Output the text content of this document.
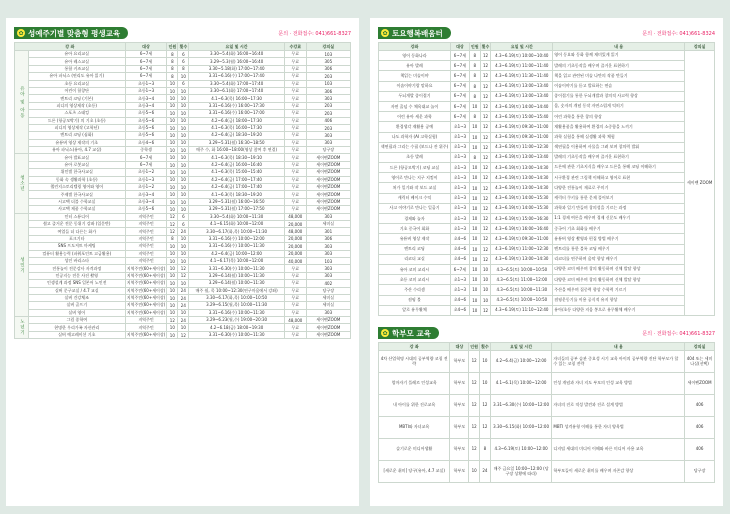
✿ 성예주기별 맞춤형 평생교육	문의 · 전화접수: 041)661-8327
강 좌		대상	인원	횟수	요일 및 시간	수강료	강의실
유아 및 아동	유아 요리교실	6~7세	8	6	3.30~5.4(화) 16:00~16:40	무료	103
	유아 레스교실	6~7세	8	6	3.29~5.3(월) 16:00~16:40	무료	305
	통합 키즈교실	6~7세	8	8	3.30~5.18(화) 17:00~17:40	무료	306
	유아 파닉스 (연리도 유아 읽기)	6~7세	8	10	3.31~6.16(수) 17:00~17:40	무료	203
	초등 요리교실	초등1~3	10	6	3.30~5.4(화) 17:00~17:40	무료	103
	어린이 합창단	초등1~3	10	10	3.30~6.1(화) 17:00~17:40	무료	306
	엔트리 코딩 (기본)	초등3~4	10	10	4.1~6.3(목) 16:00~17:30	무료	303
	피디의 영상제작 (초등)	초등3~4	10	10	3.31~6.16(수) 16:00~17:30	무료	203
	스포츠 스태킹	초등5~6	10	10	3.31~6.16(수) 16:00~17:00	무료	203
	드론 (항공모박기) 의 기초 (초등)	초등5~6	10	10	4.2~6.4(금) 18:00~17:30	무료	406
	피디의 영상제작 (고학년)	초등5~6	10	10	4.1~6.3(목) 16:00~17:30	무료	203
	엔트리 코딩 (심화)	초등5~6	10	10	4.2~6.4(금) 18:30~19:20	무료	303
	유튜버 영상 제작의 기초	초등4~6	10	10	3.29~5.31(월) 16:30~18:50	무료	303
	유아 파닉스(유아, 4.7 교실)	중학생	10	10	매주 수, 화 16:00~18:00(영상 참여 후 연결)	무료	당구장
청소년	유아 발표교실	6~7세	10	10	4.1~6.3(목) 18:30~19:10	무료	세이펜ZOOM
	유아 로봇교실	6~7세	10	10	4.2~6.4(금) 16:00~16:40	무료	세이펜ZOOM
	위인별 한국사교실	초등1~2	10	10	4.1~6.3(목) 15:00~15:40	무료	세이펜ZOOM
	동화 속 생활과학 (초등)	초등1~3	10	10	4.2~6.4(금) 17:00~17:40	무료	세이펜ZOOM
	챌린지스토리텔링 영어와 영어	초등1~2	10	10	4.2~6.4(금) 17:00~17:40	무료	세이펜ZOOM
	주제별 한국사교실	초등3~4	10	10	4.1~6.3(목) 18:30~19:20	무료	세이펜ZOOM
	시고택 더블 수학교실	초등3~4	10	10	3.29~5.31(월) 16:00~16:50	무료	세이펜ZOOM
	사고택 제품 수학교실	초등5~6	10	10	3.29~5.31(월) 17:00~17:50	무료	세이펜ZOOM
성인기	인터 스튜디어	지역주민	12	6	3.30~5.4(화) 10:00~11:30	48,000	303
	쉽고 즐거운 전문 동위기 강좌 (입문반)	지역주민	12	6	4.1~6.15(화) 10:00~12:00	20,000	세미실
	여업들 더 다른는 화가	지역주민	12	24	3.30~6.17(화,목) 10:00~11:30	48,000	301
	포크기타	지역주민	8	10	3.31~6.16(수) 10:00~12:00	20,000	306
	SNS 프도져트 마케팅	지역주민	10	10	3.31~6.16(수) 10:00~11:30	20,000	303
	컴퓨터 활용능력 (파워포인트 고급활용)	지역주민	10	10	4.2~6.4(금) 10:00~12:00	20,000	303
	성인 바리스타	지역주민	10	10	4.1~6.17(목) 10:00~12:00	40,000	103
	전통놀이 전문강사 자격과정	지역주민(60+세이상)	10	12	3.31~6.30(수) 10:00~11:30	무료	303
	인공지능 전문 사진 촬영	지역주민(60+세이상)	10	12	3.29~6.14(월) 10:00~11:30	무료	303
	인생설계 과정 SNS 일본어 노인전	지역주민(60+세이상)	10	10	3.29~6.14(월) 10:00~11:30	무료	402
	실버 문구교실 / 4.7 교실	지역주민(60+세이상)	10	24	매주 월, 목 10:00~12:30(연구마음에서 강좌)	무료	당구장
	실버 건강체조	지역주민(60+세이상)	10	24	3.30~6.17(화,목) 10:00~10:50	무료	세미실
	실버 골프기	지역주민(60+세이상)	10	24	3.29~6.15(월,목) 10:00~11:30	무료	세미실
	실버 영어	지역주민(60+세이상)	10	10	3.31~6.16(수) 10:00~11:30	무료	303
노년기	그림 종학여	지역주민	12	24	3.29~6.23(월,수) 19:00~20:30	48,000	세이펜ZOOM
	현명한 우리가족 자산관리	지역주민	10	10	4.2~6.18(금) 18:00~19:30	무료	세이펜ZOOM
	실버 예고레이션 기초	지역주민(60+세이상)	10	12	3.31~6.30(수) 10:00~11:30	무료	세이펜ZOOM
✿ 토요행복배움터	문의 · 전화접수: 041)661-8324
강좌	대상	인원	횟수	요일 및 시간	내 용	강의실
영어 동화나라	6~7세	8	12	4.3~6.19(토) 10:00~10:40	영어 동요와 동화 함께 재미있게 읽기	세이펜 ZOOM
유아 발레	6~7세	8	12	4.3~6.19(토) 11:00~11:40	발레의 기초동작을 배우며 즐거운 표현하기	
책읽는 미술이야	6~7세	8	12	4.3~6.19(토) 11:30~11:40	책을 읽고 관련된 미술 나만의 작품 만들기	
이솝이야기랑 말하요	6~7세	8	12	4.3~6.19(토) 13:00~13:40	이솝이야기를 듣고 발표하는 연습	
두뇌개발 종이접기	6~7세	8	12	4.3~6.19(토) 13:00~13:40	종이접기를 통한 두뇌개발과 창의적 사고력 향상	
자연 줄넘 수 체육대교 놀이	6~7세	10	12	4.3~6.19(토) 14:00~14:40	몸, 숫자의 개념 동작 자연스럽게 익히기	
어린 유아 세운 과학	6~7세	8	12	4.3~6.19(토) 15:00~15:40	어린 과학을 통한 창의 향상	
환경생각 재활용 공예	초1~3	10	12	4.3~6.19(토) 09:30~11:00	재활용품을 활용하여 환경의 소중함을 느끼기	
나도 과학자 (AI 고학실험)	초1~3	10	12	4.3~6.19(토) 09:30~11:00	과학 실험을 통해 실생활 과학 체험	
색연필과 그리는 수필 (보드나 잔 위주)	초1~3	10	12	4.3~6.19(토) 11:00~12:30	색연필을 이용하여 사물을 그려 보며 창의력 발휘	
초등 발레	초1~3	8	12	4.3~6.19(토) 13:00~13:40	발레의 기초동작을 배우며 즐거운 표현하기	
드론 (항공모박기) 코딩 교실	초1~3	10	12	4.3~6.19(토) 13:00~14:30	드론에 관한 기초지식을 배우고 드론을 통해 코딩 이해하기	
영어로 만나는 지구 지킴이	초1~3	10	12	4.3~6.19(토) 13:00~14:30	시구환경 관련 그림책 이해하고 영어로 표현	
처가 일기와 작 보드 교실	초1~3	10	12	4.3~6.19(토) 13:00~14:30	다양한 전통놀이 재료로 꾸미기	
캐릭터 베이크 수익	초1~3	10	12	4.3~6.19(토) 14:00~15:30	캐릭터 쿠키를 통한 문제 풀어보기	
사고 이야기로 만나는 일곱기	초1~3	10	12	4.3~6.19(토) 14:00~15:30	과학과 일기 만들며 창의성을 기르는 과정	
경제와 놀자	초1~3	10	12	4.3~6.19(토) 15:00~16:30	1:1 경제 여론을 배우며 경제 신문도 배우기	
기초 중국어 회화	초1~3	10	12	4.3~6.19(토) 16:00~16:40	중국어 기초 회화를 배우기	
유튜버 영상 제작	초4~6	10	12	4.3~6.19(토) 09:30~11:00	유튜버 영상 촬영과 편집 방법 배우기	
엔트리 코딩	초4~6	10	12	4.3~6.19(토) 11:00~12:30	엔트리를 통한 블록 코딩 배우기	
리코더 교실	초4~6	10	12	4.3~6.19(토) 13:00~14:30	리코더를 연주하며 음악 향상 배우기	
유아 코미 교리시	6~7세	10	10	4.3~6.5(토) 10:00~10:50	다양한 코미 배우며 창의 활동하며 신체 발달 향상	
초등 코미 교리시	초1~3	10	10	4.3~6.5(토) 11:00~12:00	다양한 코미 배우며 창의 활동하며 신체 발달 향상	
주산 수리셈	초1~3	10	10	4.3~6.5(토) 10:00~11:30	주산을 배우며 집중력 향상 수학력 기르기	
점핑 볼	초4~6	10	10	4.3~6.5(토) 10:00~10:50	점핑운동기를 이용 공식적 유지 향상	
앞로 유무활체	초4~6	10	12	4.3~6.19(토) 11:10~12:40	유아/초등 다양한 지음 봉으로 유무활체 배우기	
✿ 학부모 교육	문의 · 전화접수: 041)661-8327
강 좌	대상	인원	횟수	요일 및 시간	내 용	강의실
4차 산업혁명 시대의 공부역량 코칭 전략	학부모	12	10	4.2~6.4(금) 10:00~12:00	자녀들의 공부 습관 중요성 시기 교육 아이의 공부역량 진단 학부모가 할 수 있는 코칭 전략	404 또는 세미나실(선택)
엄마자기 플레르 인성교육	학부모	12	10	4.1~6.1(목) 10:00~12:00	인성 개념과 자녀 지도 부모의 인성 교육 방법	세이펜ZOOM
내 아이를 위한 진로교육	학부모	12	12	3.31~6.30(수) 10:00~12:00	자녀의 진로 적성 발견과 진로 설계 방법	406
MBTI와 자녀교육	학부모	12	12	3.30~6.15(화) 10:00~12:00	MBTI 성격유형 이해를 통한 자녀 양육법	406
슬기로운 미디어생활	학부모	12	8	4.3~6.19(토) 10:00~12:00	디지털 세대의 미디어 이해와 바른 미디어 사용 교육	406
[새로운 취미] 당구(유아, 4.7 교실)	학부모	10	24	매주 금요일 10:00~12:00 (당구장 상황에 따라)	학부모들이 새로운 취미를 배우며 자존감 향상	당구장
